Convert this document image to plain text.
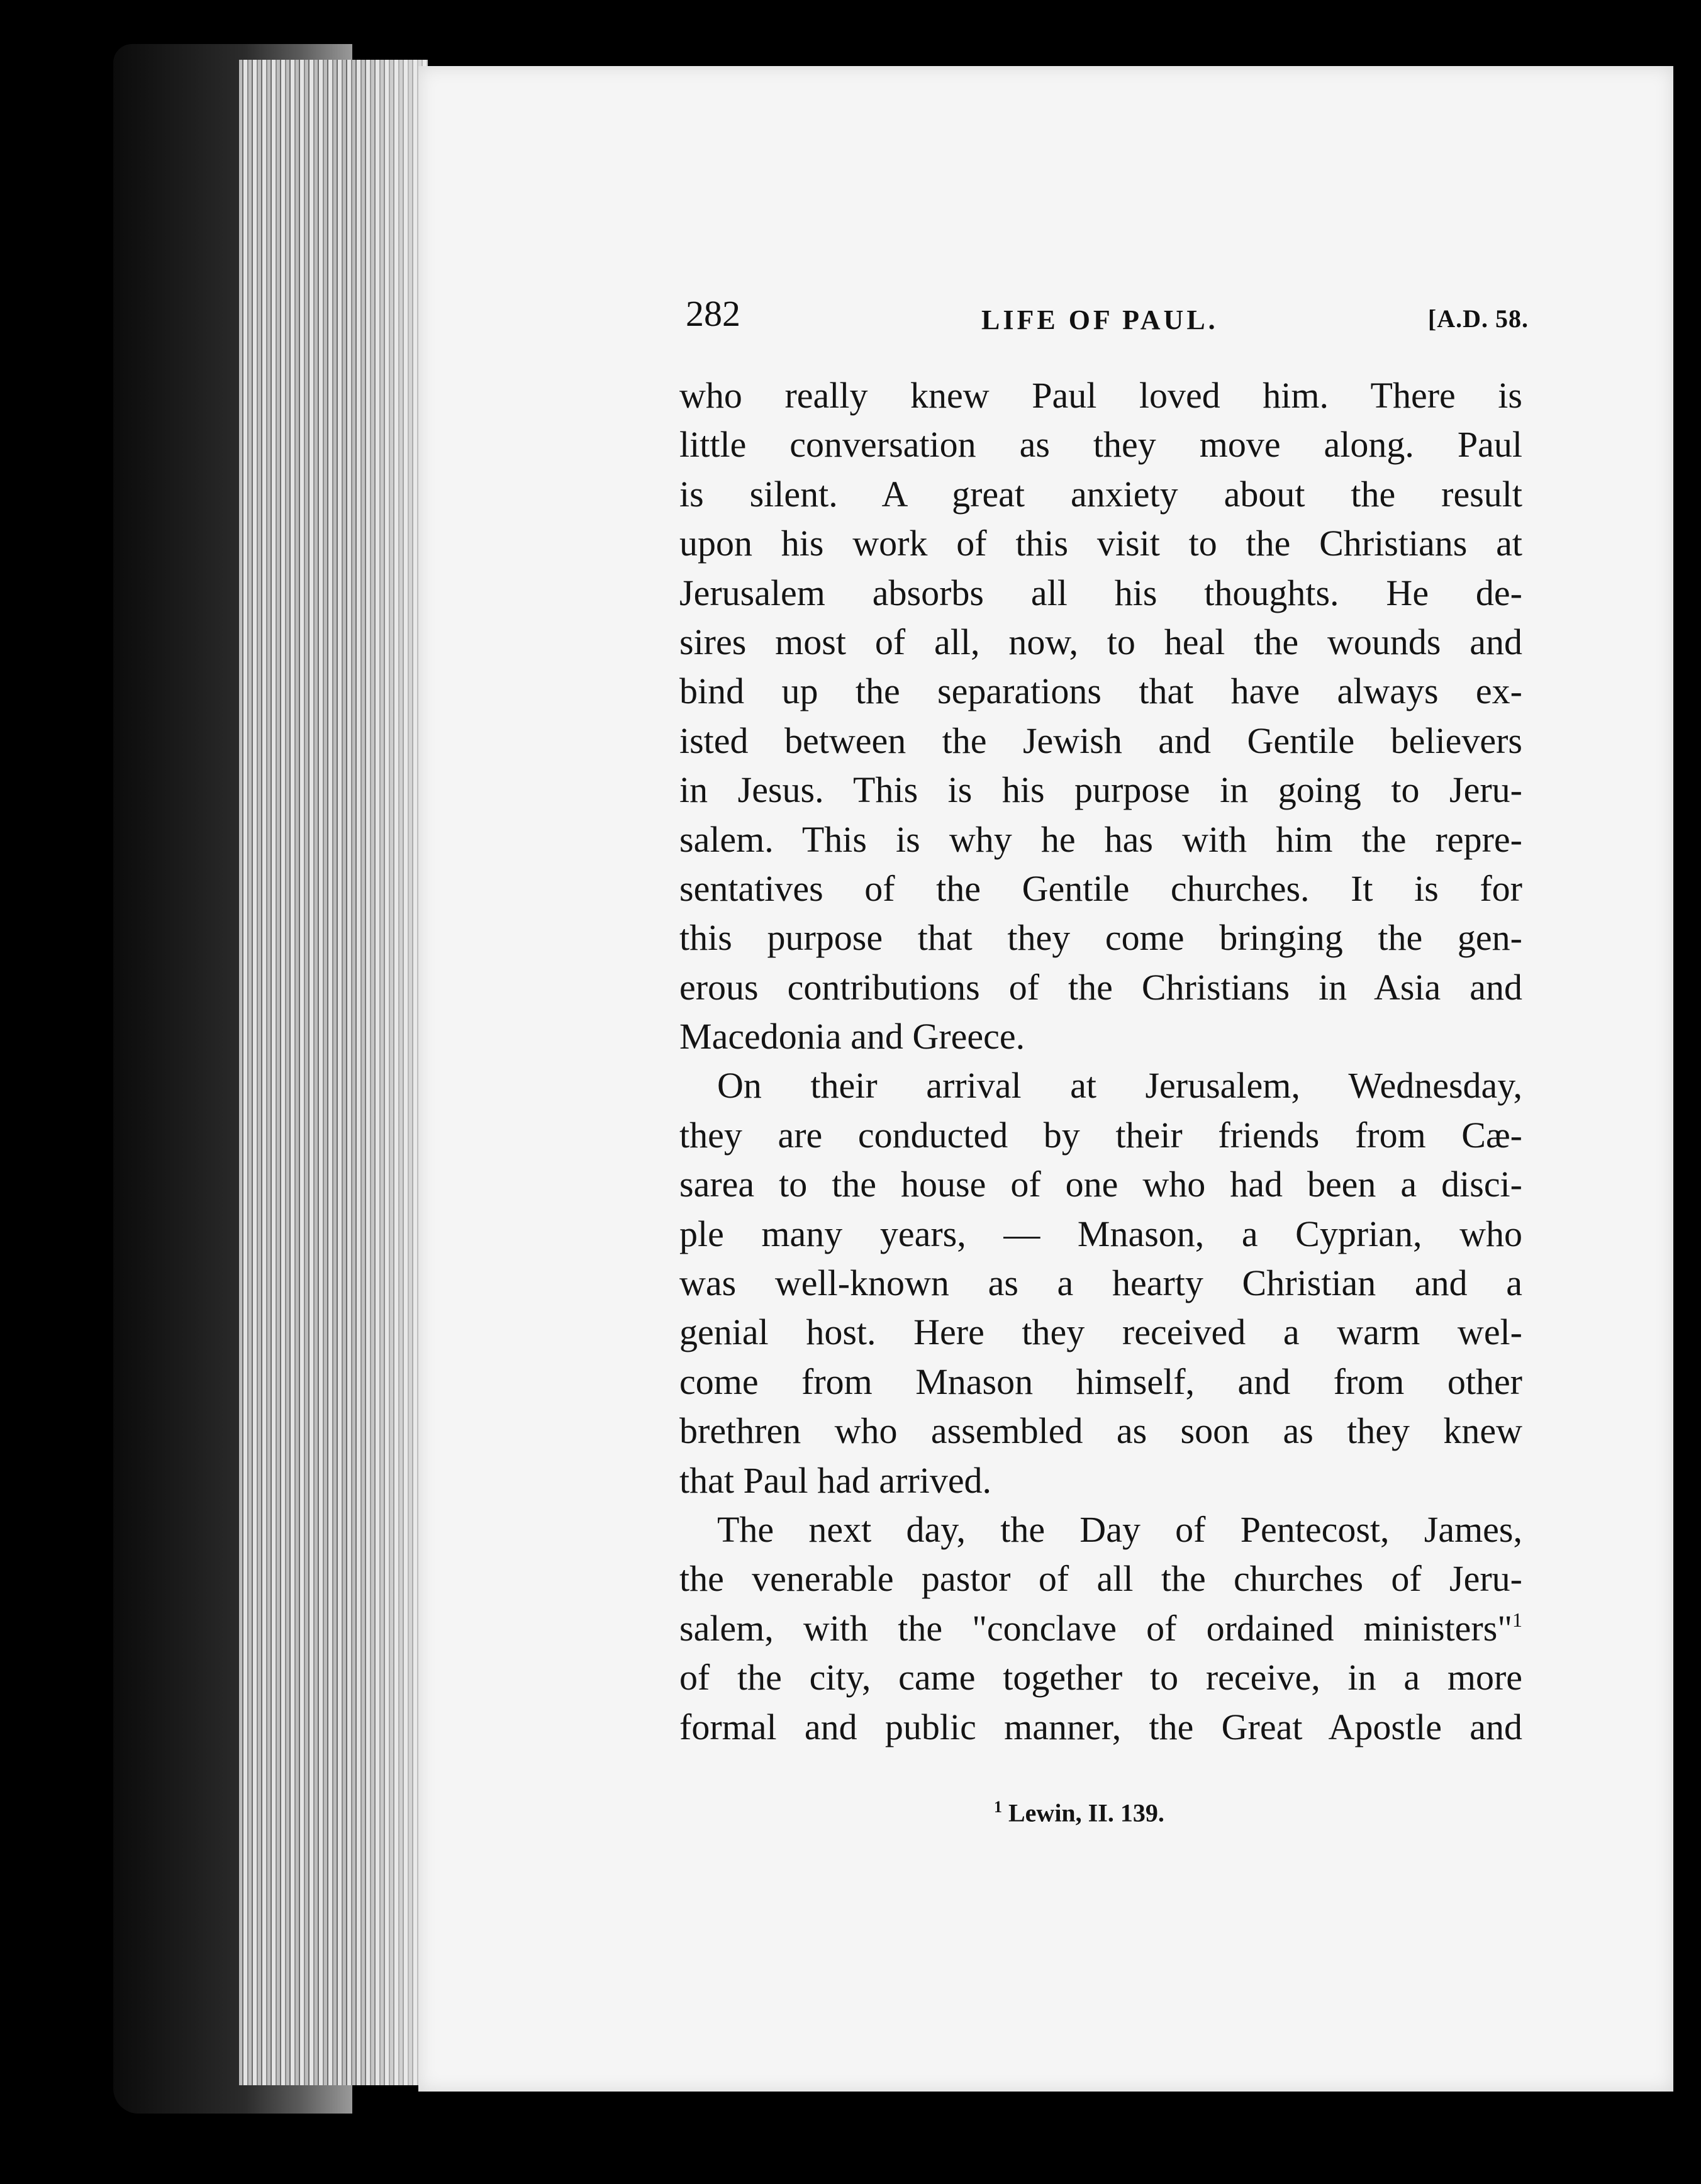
282	LIFE OF PAUL.	[A.D. 58.
who really knew Paul loved him. There is
little conversation as they move along. Paul
is silent. A great anxiety about the result
upon his work of this visit to the Christians at
Jerusalem absorbs all his thoughts. He de-
sires most of all, now, to heal the wounds and
bind up the separations that have always ex-
isted between the Jewish and Gentile believers
in Jesus. This is his purpose in going to Jeru-
salem. This is why he has with him the repre-
sentatives of the Gentile churches. It is for
this purpose that they come bringing the gen-
erous contributions of the Christians in Asia and
Macedonia and Greece.
On their arrival at Jerusalem, Wednesday,
they are conducted by their friends from Cæ-
sarea to the house of one who had been a disci-
ple many years, — Mnason, a Cyprian, who
was well-known as a hearty Christian and a
genial host. Here they received a warm wel-
come from Mnason himself, and from other
brethren who assembled as soon as they knew
that Paul had arrived.
The next day, the Day of Pentecost, James,
the venerable pastor of all the churches of Jeru-
salem, with the "conclave of ordained ministers"$^1$
of the city, came together to receive, in a more
formal and public manner, the Great Apostle and
$^1$ Lewin, II. 139.
